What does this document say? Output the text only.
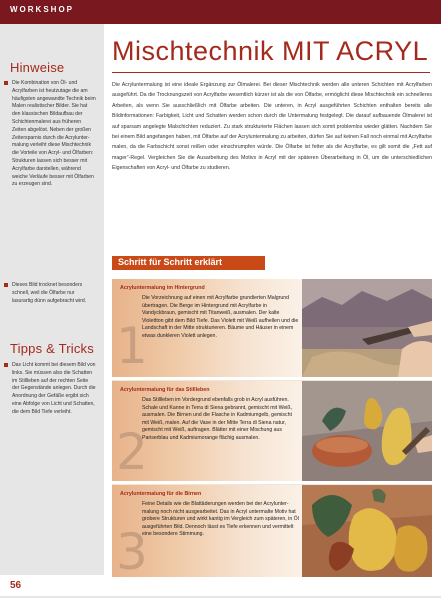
WORKSHOP
Hinweise

Die Kombination von Öl- und Acrylfarben ist heutzutage die am häufigsten angewandte Technik beim Malen realistischer Bilder. Sie hat den klassischen Bildaufbau der Schichtenmalerei aus früheren Zeiten abgelöst. Neben der großen Zeitersparnis durch die Acryluntermalung verleiht diese Mischtechnik die Vorteile von Acryl- und Ölfarben: Strukturen lassen sich besser mit Acrylfarbe darstellen, während weiche Verläufe besser mit Ölfarben zu erzeugen sind.

Dieses Bild trocknet besonders schnell, weil die Ölfarbe nur lasurartig dünn aufgebracht wird.

Tipps & Tricks

Das Licht kommt bei diesem Bild von links. Sie müssen also die Schatten im Stillleben auf der rechten Seite der Gegenstände anlegen. Durch die Anordnung der Gefäße ergibt sich eine Abfolge von Licht und Schatten, die dem Bild Tiefe verleiht.

Mischtechnik MIT ACRYL
Die Acryluntermalung ist eine ideale Ergänzung zur Ölmalerei. Bei dieser Mischtechnik werden alle unteren Schichten mit Acrylfarben ausgeführt. Da die Trocknungszeit von Acrylfarbe wesentlich kürzer ist als die von Ölfarbe, ermöglicht diese Mischtechnik ein schnelleres Arbeiten, als wenn Sie ausschließlich mit Ölfarbe arbeiten. Die unteren, in Acryl ausgeführten Schichten enthalten bereits alle Bildinformationen: Farbigkeit, Licht und Schatten werden schon durch die Untermalung festgelegt. Die darauf aufbauende Ölmalerei ist auf sparsam angelegte Malschichten reduziert. Zu stark strukturierte Flächen lassen sich somit problemlos wieder glätten. Nachdem Sie bei einem Bild angefangen haben, mit Ölfarbe auf der Acryluntermalung zu arbeiten, dürfen Sie auf keinen Fall noch einmal mit Acrylfarbe malen, da die Farbschicht sonst reißen oder einschrumpfen würde. Die Ölfarbe ist fetter als die Acrylfarbe, es gilt somit die „Fett auf mager“-Regel. Vergleichen Sie die Ausarbeitung des Motivs in Acryl mit der späteren Überarbeitung in Öl, um die unterschiedlichen Eigenschaften von Acryl- und Ölfarbe zu studieren.
Schritt für Schritt erklärt
1
Acryluntermalung im Hintergrund
Die Vorzeichnung auf einen mit Acrylfarbe grundierten Malgrund übertragen. Die Berge im Hintergrund mit Acrylfarbe in Vandyckbraun, gemischt mit Titanweiß, ausmalen. Der kalte Violettton gibt dem Bild Tiefe. Das Violett mit Weiß aufhellen und die Landschaft in der Mitte strukturieren. Bäume und Häuser in einem etwas dunkleren Violett anlegen.
2
Acryluntermalung für das Stillleben
Das Stillleben im Vordergrund ebenfalls grob in Acryl ausführen. Schale und Kanne in Terra di Siena gebrannt, gemischt mit Weiß, ausmalen. Die Birnen und die Flasche in Kadmiumgelb, gemischt mit Weiß, malen. Auf die Vase in der Mitte Terra di Siena natur, gemischt mit Weiß, auftragen. Blätter mit einer Mischung aus Pariserblau und Kadmiumorange flächig ausmalen.
3
Acryluntermalung für die Birnen
Feine Details wie die Blattäderungen werden bei der Acryluntermalung noch nicht ausgearbeitet. Das in Acryl untermalte Motiv hat grobere Strukturen und wirkt kantig im Vergleich zum späteren, in Öl ausgeführten Bild. Dennoch lässt es Tiefe erkennen und vermittelt eine besondere Stimmung.
56
